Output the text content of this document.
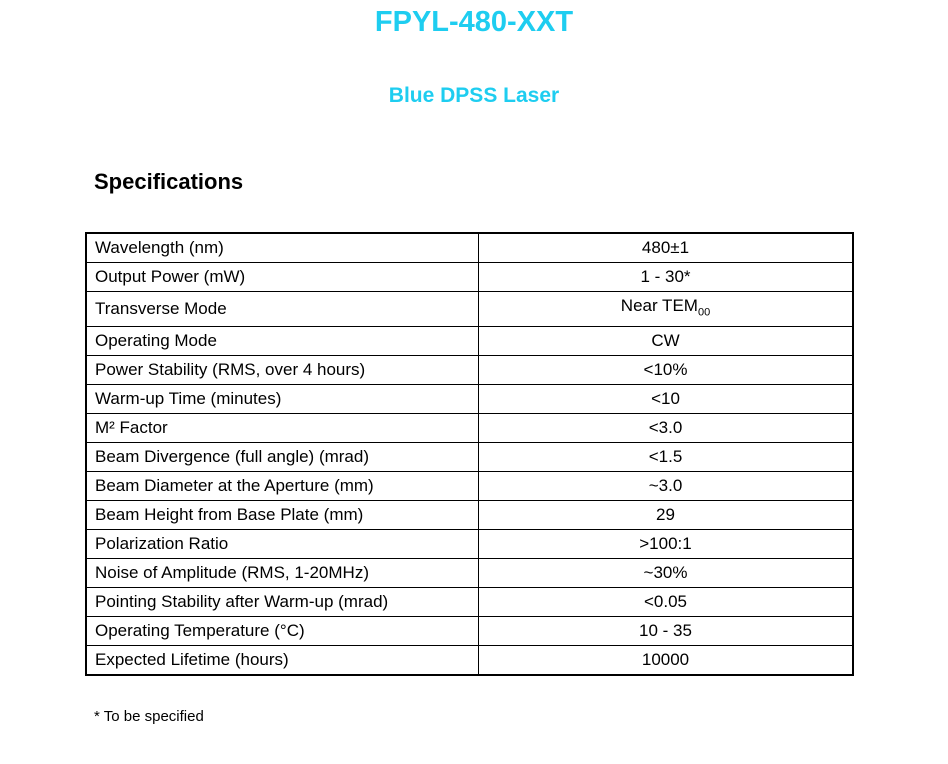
FPYL-480-XXT
Blue DPSS Laser
Specifications
Wavelength (nm)	480±1
Output Power (mW)	1 - 30*
Transverse Mode	Near $TEM_{00}$
Operating Mode	CW
Power Stability (RMS, over 4 hours)	<10%
Warm-up Time (minutes)	<10
M² Factor	<3.0
Beam Divergence (full angle) (mrad)	<1.5
Beam Diameter at the Aperture (mm)	~3.0
Beam Height from Base Plate (mm)	29
Polarization Ratio	>100:1
Noise of Amplitude (RMS, 1-20MHz)	~30%
Pointing Stability after Warm-up (mrad)	<0.05
Operating Temperature (°C)	10 - 35
Expected Lifetime (hours)	10000

* To be specified
